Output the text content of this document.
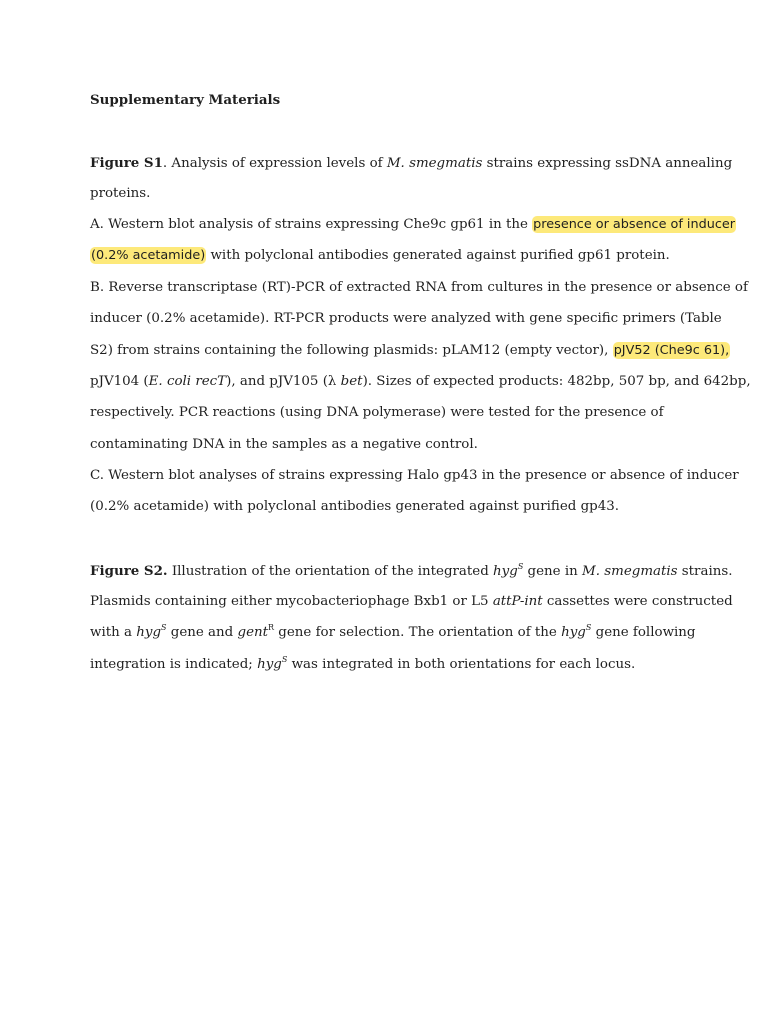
Supplementary Materials
Figure S1. Analysis of expression levels of M. smegmatis strains expressing ssDNA annealing
proteins.
A. Western blot analysis of strains expressing Che9c gp61 in the presence or absence of inducer
(0.2% acetamide) with polyclonal antibodies generated against purified gp61 protein.
B. Reverse transcriptase (RT)-PCR of extracted RNA from cultures in the presence or absence of
inducer (0.2% acetamide). RT-PCR products were analyzed with gene specific primers (Table
S2) from strains containing the following plasmids: pLAM12 (empty vector), pJV52 (Che9c 61),
pJV104 (E. coli recT), and pJV105 (λ bet). Sizes of expected products: 482bp, 507 bp, and 642bp,
respectively. PCR reactions (using DNA polymerase) were tested for the presence of
contaminating DNA in the samples as a negative control.
C. Western blot analyses of strains expressing Halo gp43 in the presence or absence of inducer
(0.2% acetamide) with polyclonal antibodies generated against purified gp43.
Figure S2. Illustration of the orientation of the integrated hyg$^S$ gene in M. smegmatis strains.
Plasmids containing either mycobacteriophage Bxb1 or L5 attP-int cassettes were constructed
with a hyg$^S$ gene and gent$^R$ gene for selection. The orientation of the hyg$^S$ gene following
integration is indicated; hyg$^S$ was integrated in both orientations for each locus.
